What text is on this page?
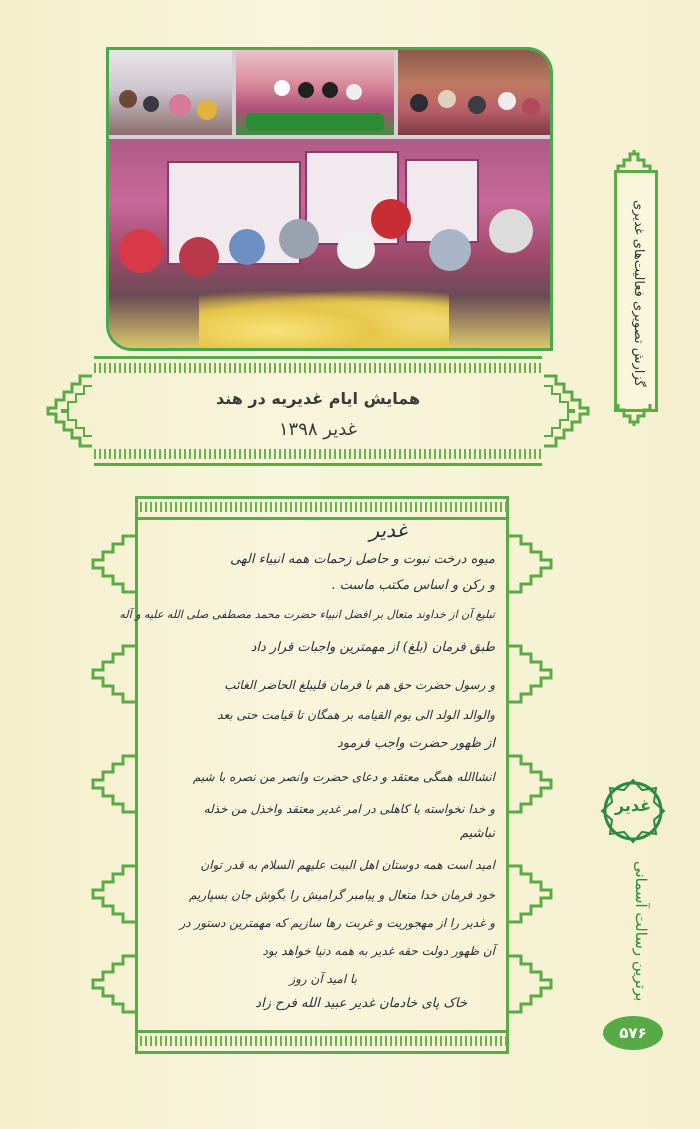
همایش ایام غدیریه در هند
غدیر ۱۳۹۸
گزارش تصویری فعالیت‌های غدیری
غدیر
میوه درخت نبوت و حاصل زحمات همه انبیاء الهی
و رکن و اساس مکتب ماست .
تبلیغ آن از خداوند متعال بر افضل انبیاء حضرت محمد مصطفی صلی الله علیه و آله
طبق فرمان (بلغ) از مهمترین واجبات قرار داد
و رسول حضرت حق هم با فرمان فلیبلغ الحاضر الغائب
والوالد الولد الی یوم القیامه بر همگان تا قیامت حتی بعد
از ظهور حضرت واجب فرمود
انشاالله همگی معتقد و دعای حضرت وانصر من نصره با شیم
و خدا نخواسته با کاهلی در امر غدیر معتقد واخذل من خذله
نباشیم
امید است همه دوستان اهل البیت علیهم السلام به قدر توان
خود فرمان خدا متعال و پیامبر گرامیش را بگوش جان بسپاریم
و غدیر را از مهجوریت و غربت رها سازیم که مهمترین دستور در
آن ظهور دولت حقه غدیر به همه دنیا خواهد بود
با امید آن روز
خاک پای خادمان غدیر عبید الله فرح زاد
غدیر
برترین رسالت آسمانی
۵۷۶
